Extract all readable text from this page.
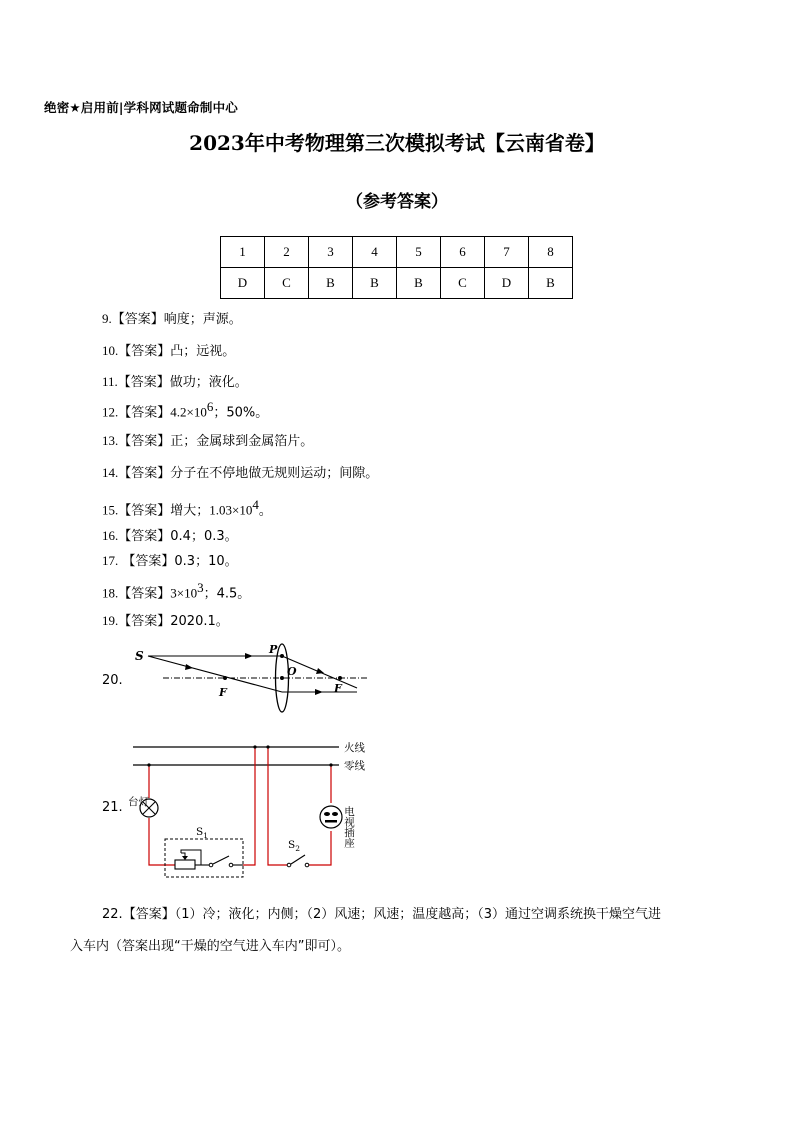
绝密★启用前|学科网试题命制中心
2023年中考物理第三次模拟考试【云南省卷】
（参考答案）
1	2	3	4	5	6	7	8
D	C	B	B	B	C	D	B
9.【答案】响度；声源。
10.【答案】凸；远视。
11.【答案】做功；液化。
12.【答案】$4.2\times 10^6$；50%。
13.【答案】正；金属球到金属箔片。
14.【答案】分子在不停地做无规则运动；间隙。
15.【答案】增大；$1.03\times 10^4$。
16.【答案】0.4；0.3。
17. 【答案】0.3；10。
18.【答案】$3\times 10^3$；4.5。
19.【答案】2020.1。
20.
S	P
O
F	F
21.
火线
零线
台灯
$S_1$
$S_2$
电视插座
22.【答案】（1）冷；液化；内侧；（2）风速；风速；温度越高；（3）通过空调系统换干燥空气进
入车内（答案出现“干燥的空气进入车内”即可）。
